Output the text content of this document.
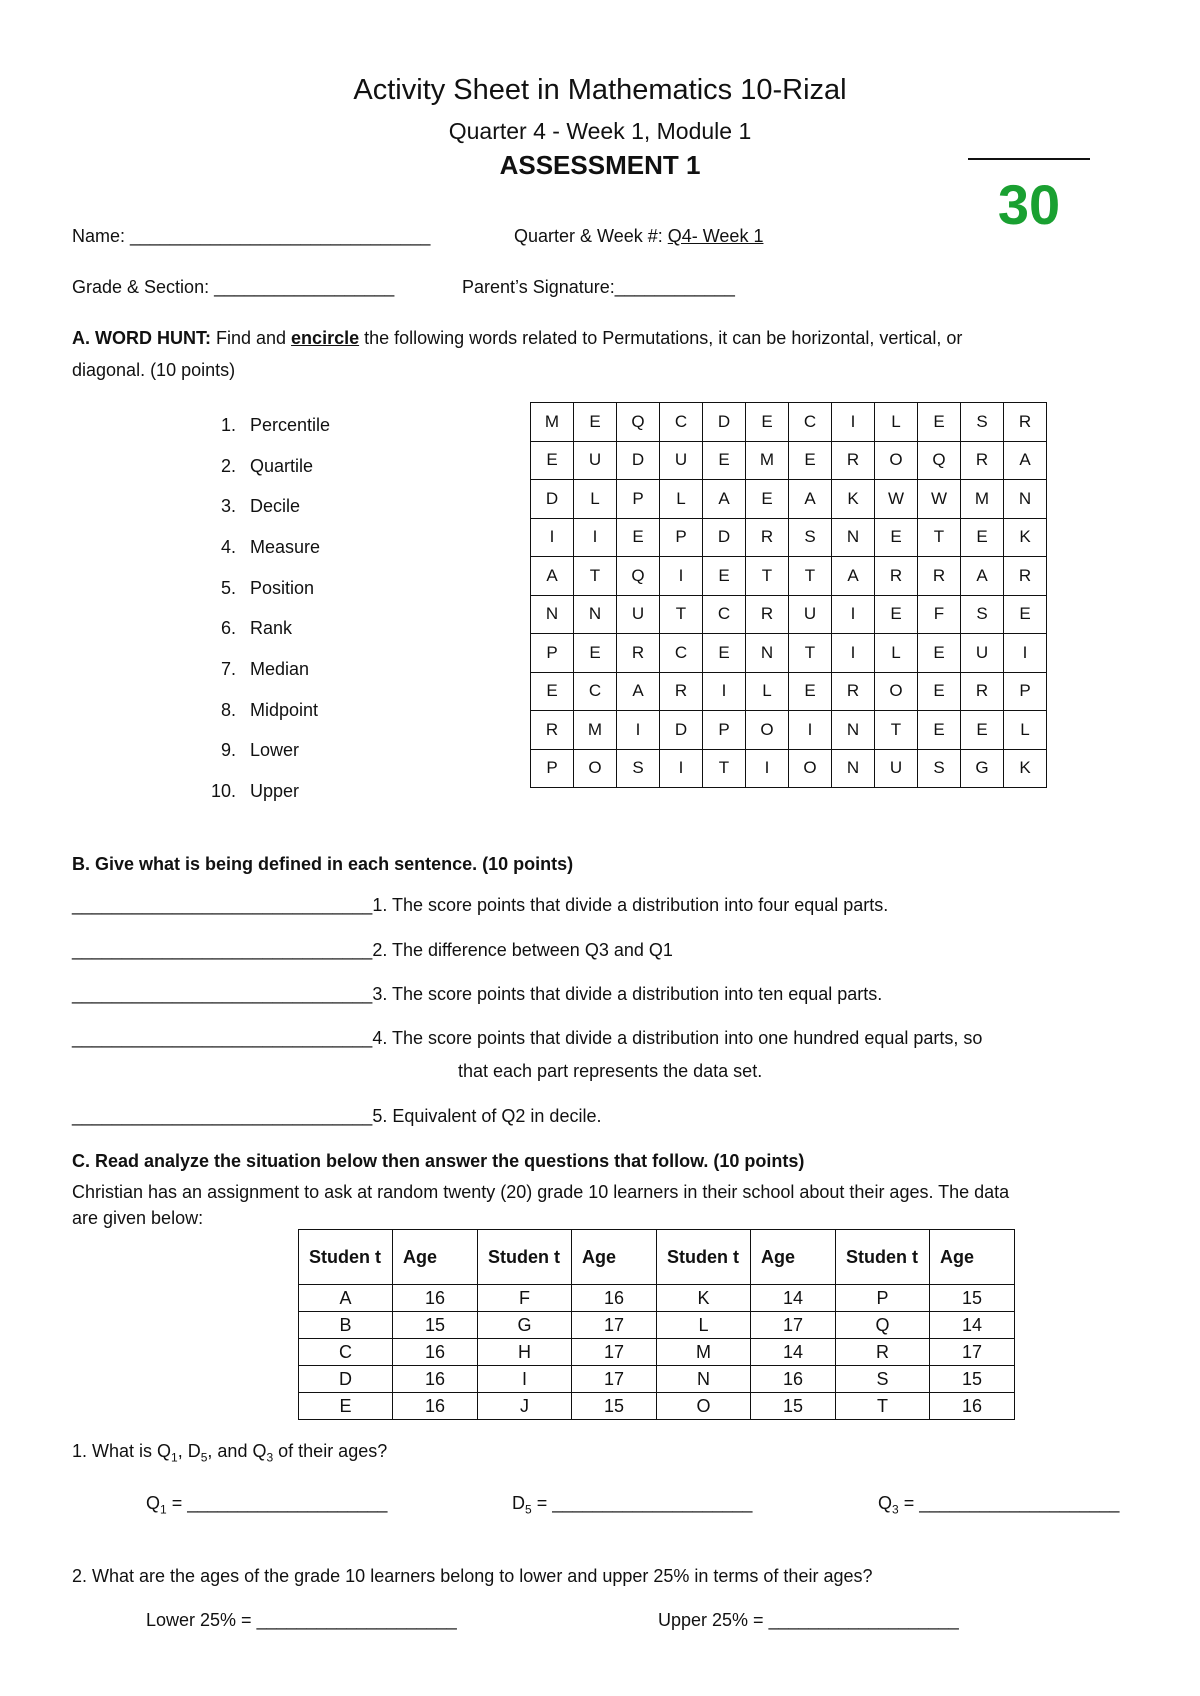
Activity Sheet in Mathematics 10-Rizal
Quarter 4 - Week 1, Module 1
ASSESSMENT 1
30
Name: ______________________________	Quarter & Week #: Q4- Week 1
Grade & Section: __________________	Parent’s Signature:____________
A. WORD HUNT: Find and encircle the following words related to Permutations, it can be horizontal, vertical, or
diagonal. (10 points)
1. Percentile
2. Quartile
3. Decile
4. Measure
5. Position
6. Rank
7. Median
8. Midpoint
9. Lower
10. Upper
M	E	Q	C	D	E	C	I	L	E	S	R
E	U	D	U	E	M	E	R	O	Q	R	A
D	L	P	L	A	E	A	K	W	W	M	N
I	I	E	P	D	R	S	N	E	T	E	K
A	T	Q	I	E	T	T	A	R	R	A	R
N	N	U	T	C	R	U	I	E	F	S	E
P	E	R	C	E	N	T	I	L	E	U	I
E	C	A	R	I	L	E	R	O	E	R	P
R	M	I	D	P	O	I	N	T	E	E	L
P	O	S	I	T	I	O	N	U	S	G	K
B. Give what is being defined in each sentence. (10 points)
______________________________1. The score points that divide a distribution into four equal parts.
______________________________2. The difference between Q3 and Q1
______________________________3. The score points that divide a distribution into ten equal parts.
______________________________4. The score points that divide a distribution into one hundred equal parts, so
that each part represents the data set.
______________________________5. Equivalent of Q2 in decile.
C. Read analyze the situation below then answer the questions that follow. (10 points)
Christian has an assignment to ask at random twenty (20) grade 10 learners in their school about their ages. The data
are given below:
Studen t	Age	Studen t	Age	Studen t	Age	Studen t	Age
A	16	F	16	K	14	P	15
B	15	G	17	L	17	Q	14
C	16	H	17	M	14	R	17
D	16	I	17	N	16	S	15
E	16	J	15	O	15	T	16
1. What is $Q_1$, $D_5$, and $Q_3$ of their ages?
$Q_1$ = ____________________	$D_5$ = ____________________	$Q_3$ = ____________________
2. What are the ages of the grade 10 learners belong to lower and upper 25% in terms of their ages?
Lower 25% = ____________________	Upper 25% = ___________________
